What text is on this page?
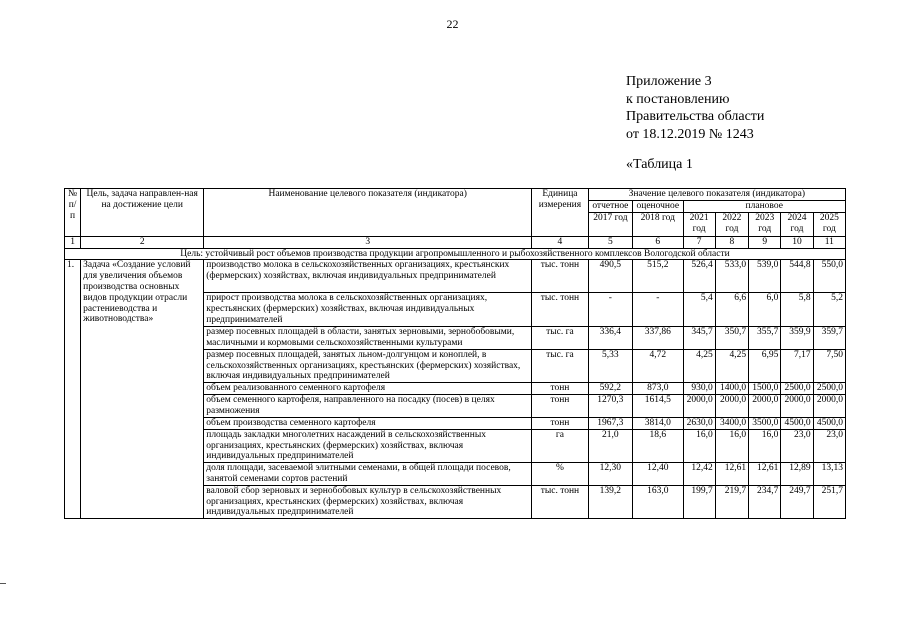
22
Приложение 3
к постановлению
Правительства области
от 18.12.2019 № 1243
«Таблица 1
№ п/п	Цель, задача направлен-ная на достижение цели	Наименование целевого показателя (индикатора)	Единица измерения	Значение целевого показателя (индикатора)						
				отчетное	оценочное	плановое				
				2017 год	2018 год	2021 год	2022 год	2023 год	2024 год	2025 год
1	2	3	4	5	6	7	8	9	10	11
Цель: устойчивый рост объемов производства продукции агропромышленного и рыбохозяйственного комплексов Вологодской области										
1.	Задача «Создание условий для увеличения объемов производства основных видов продукции отрасли растениеводства и животноводства»	производство молока в сельскохозяйственных организациях, крестьянских (фермерских) хозяйствах, включая индивидуальных предпринимателей	тыс. тонн	490,5	515,2	526,4	533,0	539,0	544,8	550,0
		прирост производства молока в сельскохозяйственных организациях, крестьянских (фермерских) хозяйствах, включая индивидуальных предпринимателей	тыс. тонн	-	-	5,4	6,6	6,0	5,8	5,2
		размер посевных площадей в области, занятых зерновыми, зернобобовыми, масличными и кормовыми сельскохозяйственными культурами	тыс. га	336,4	337,86	345,7	350,7	355,7	359,9	359,7
		размер посевных площадей, занятых льном-долгунцом и коноплей, в сельскохозяйственных организациях, крестьянских (фермерских) хозяйствах, включая индивидуальных предпринимателей	тыс. га	5,33	4,72	4,25	4,25	6,95	7,17	7,50
		объем реализованного семенного картофеля	тонн	592,2	873,0	930,0	1400,0	1500,0	2500,0	2500,0
		объем семенного картофеля, направленного на посадку (посев) в целях размножения	тонн	1270,3	1614,5	2000,0	2000,0	2000,0	2000,0	2000,0
		объем производства семенного картофеля	тонн	1967,3	3814,0	2630,0	3400,0	3500,0	4500,0	4500,0
		площадь закладки многолетних насаждений в сельскохозяйственных организациях, крестьянских (фермерских) хозяйствах, включая индивидуальных предпринимателей	га	21,0	18,6	16,0	16,0	16,0	23,0	23,0
		доля площади, засеваемой элитными семенами, в общей площади посевов, занятой семенами сортов растений	%	12,30	12,40	12,42	12,61	12,61	12,89	13,13
		валовой сбор зерновых и зернобобовых культур в сельскохозяйственных организациях, крестьянских (фермерских) хозяйствах, включая индивидуальных предпринимателей	тыс. тонн	139,2	163,0	199,7	219,7	234,7	249,7	251,7
